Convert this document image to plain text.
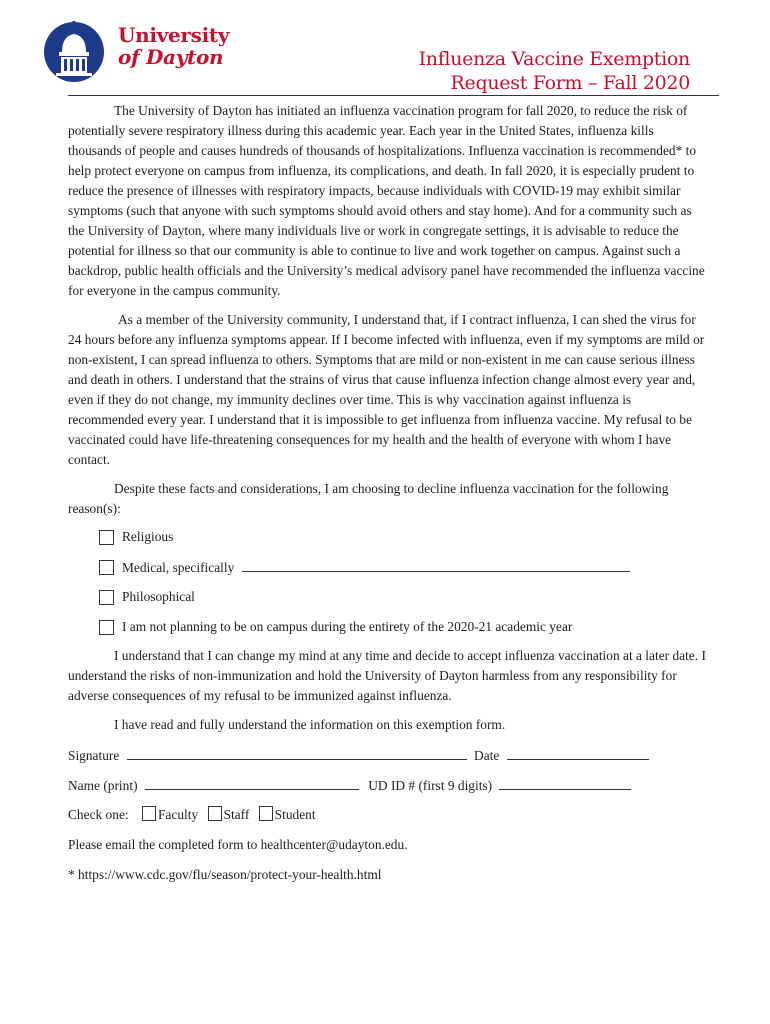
University
of Dayton	Influenza Vaccine Exemption
Request Form – Fall 2020

The University of Dayton has initiated an influenza vaccination program for fall 2020, to reduce the risk of potentially severe respiratory illness during this academic year. Each year in the United States, influenza kills thousands of people and causes hundreds of thousands of hospitalizations. Influenza vaccination is recommended* to help protect everyone on campus from influenza, its complications, and death. In fall 2020, it is especially prudent to reduce the presence of illnesses with respiratory impacts, because individuals with COVID-19 may exhibit similar symptoms (such that anyone with such symptoms should avoid others and stay home). And for a community such as the University of Dayton, where many individuals live or work in congregate settings, it is advisable to reduce the potential for illness so that our community is able to continue to live and work together on campus. Against such a backdrop, public health officials and the University’s medical advisory panel have recommended the influenza vaccine for everyone in the campus community.

As a member of the University community, I understand that, if I contract influenza, I can shed the virus for 24 hours before any influenza symptoms appear. If I become infected with influenza, even if my symptoms are mild or non-existent, I can spread influenza to others. Symptoms that are mild or non-existent in me can cause serious illness and death in others. I understand that the strains of virus that cause influenza infection change almost every year and, even if they do not change, my immunity declines over time. This is why vaccination against influenza is recommended every year. I understand that it is impossible to get influenza from influenza vaccine. My refusal to be vaccinated could have life-threatening consequences for my health and the health of everyone with whom I have contact.

Despite these facts and considerations, I am choosing to decline influenza vaccination for the following reason(s):

Religious
Medical, specifically
Philosophical
I am not planning to be on campus during the entirety of the 2020-21 academic year

I understand that I can change my mind at any time and decide to accept influenza vaccination at a later date. I understand the risks of non-immunization and hold the University of Dayton harmless from any responsibility for adverse consequences of my refusal to be immunized against influenza.

I have read and fully understand the information on this exemption form.

Signature	Date
Name (print)	UD ID # (first 9 digits)
Check one: Faculty Staff Student
Please email the completed form to healthcenter@udayton.edu.
* https://www.cdc.gov/flu/season/protect-your-health.html
